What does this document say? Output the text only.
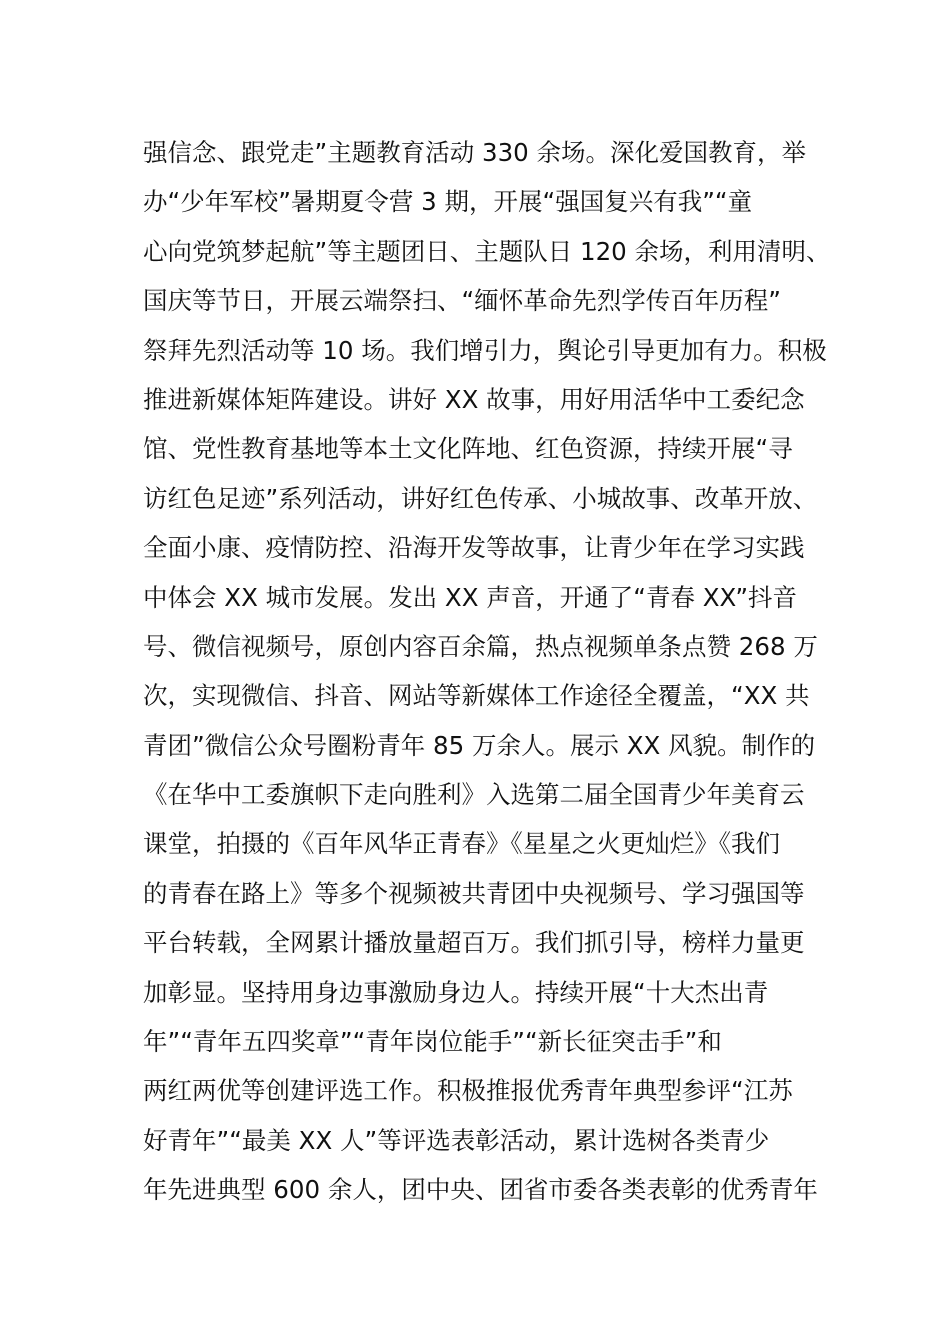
强信念、跟党走”主题教育活动 330 余场。深化爱国教育，举
办“少年军校”暑期夏令营 3 期，开展“强国复兴有我”“童
心向党筑梦起航”等主题团日、主题队日 120 余场，利用清明、
国庆等节日，开展云端祭扫、“缅怀革命先烈学传百年历程”
祭拜先烈活动等 10 场。我们增引力，舆论引导更加有力。积极
推进新媒体矩阵建设。讲好 XX 故事，用好用活华中工委纪念
馆、党性教育基地等本土文化阵地、红色资源，持续开展“寻
访红色足迹”系列活动，讲好红色传承、小城故事、改革开放、
全面小康、疫情防控、沿海开发等故事，让青少年在学习实践
中体会 XX 城市发展。发出 XX 声音，开通了“青春 XX”抖音
号、微信视频号，原创内容百余篇，热点视频单条点赞 268 万
次，实现微信、抖音、网站等新媒体工作途径全覆盖，“XX 共
青团”微信公众号圈粉青年 85 万余人。展示 XX 风貌。制作的
《在华中工委旗帜下走向胜利》入选第二届全国青少年美育云
课堂，拍摄的《百年风华正青春》《星星之火更灿烂》《我们
的青春在路上》等多个视频被共青团中央视频号、学习强国等
平台转载，全网累计播放量超百万。我们抓引导，榜样力量更
加彰显。坚持用身边事激励身边人。持续开展“十大杰出青
年”“青年五四奖章”“青年岗位能手”“新长征突击手”和
两红两优等创建评选工作。积极推报优秀青年典型参评“江苏
好青年”“最美 XX 人”等评选表彰活动，累计选树各类青少
年先进典型 600 余人，团中央、团省市委各类表彰的优秀青年
